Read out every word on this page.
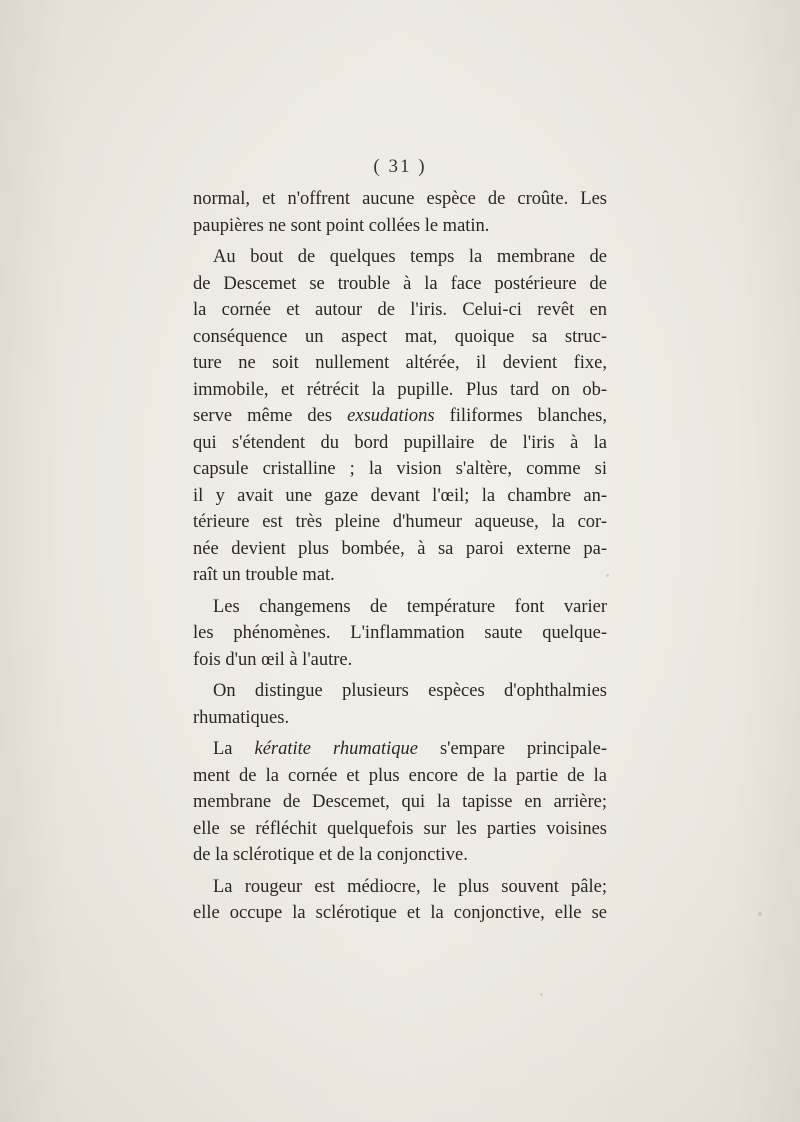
( 31 )
normal, et n'offrent aucune espèce de croûte. Les
paupières ne sont point collées le matin.
Au bout de quelques temps la membrane de
de Descemet se trouble à la face postérieure de
la cornée et autour de l'iris. Celui-ci revêt en
conséquence un aspect mat, quoique sa struc-
ture ne soit nullement altérée, il devient fixe,
immobile, et rétrécit la pupille. Plus tard on ob-
serve même des exsudations filiformes blanches,
qui s'étendent du bord pupillaire de l'iris à la
capsule cristalline ; la vision s'altère, comme si
il y avait une gaze devant l'œil; la chambre an-
térieure est très pleine d'humeur aqueuse, la cor-
née devient plus bombée, à sa paroi externe pa-
raît un trouble mat.
Les changemens de température font varier
les phénomènes. L'inflammation saute quelque-
fois d'un œil à l'autre.
On distingue plusieurs espèces d'ophthalmies
rhumatiques.
La kératite rhumatique s'empare principale-
ment de la cornée et plus encore de la partie de la
membrane de Descemet, qui la tapisse en arrière;
elle se réfléchit quelquefois sur les parties voisines
de la sclérotique et de la conjonctive.
La rougeur est médiocre, le plus souvent pâle;
elle occupe la sclérotique et la conjonctive, elle se
